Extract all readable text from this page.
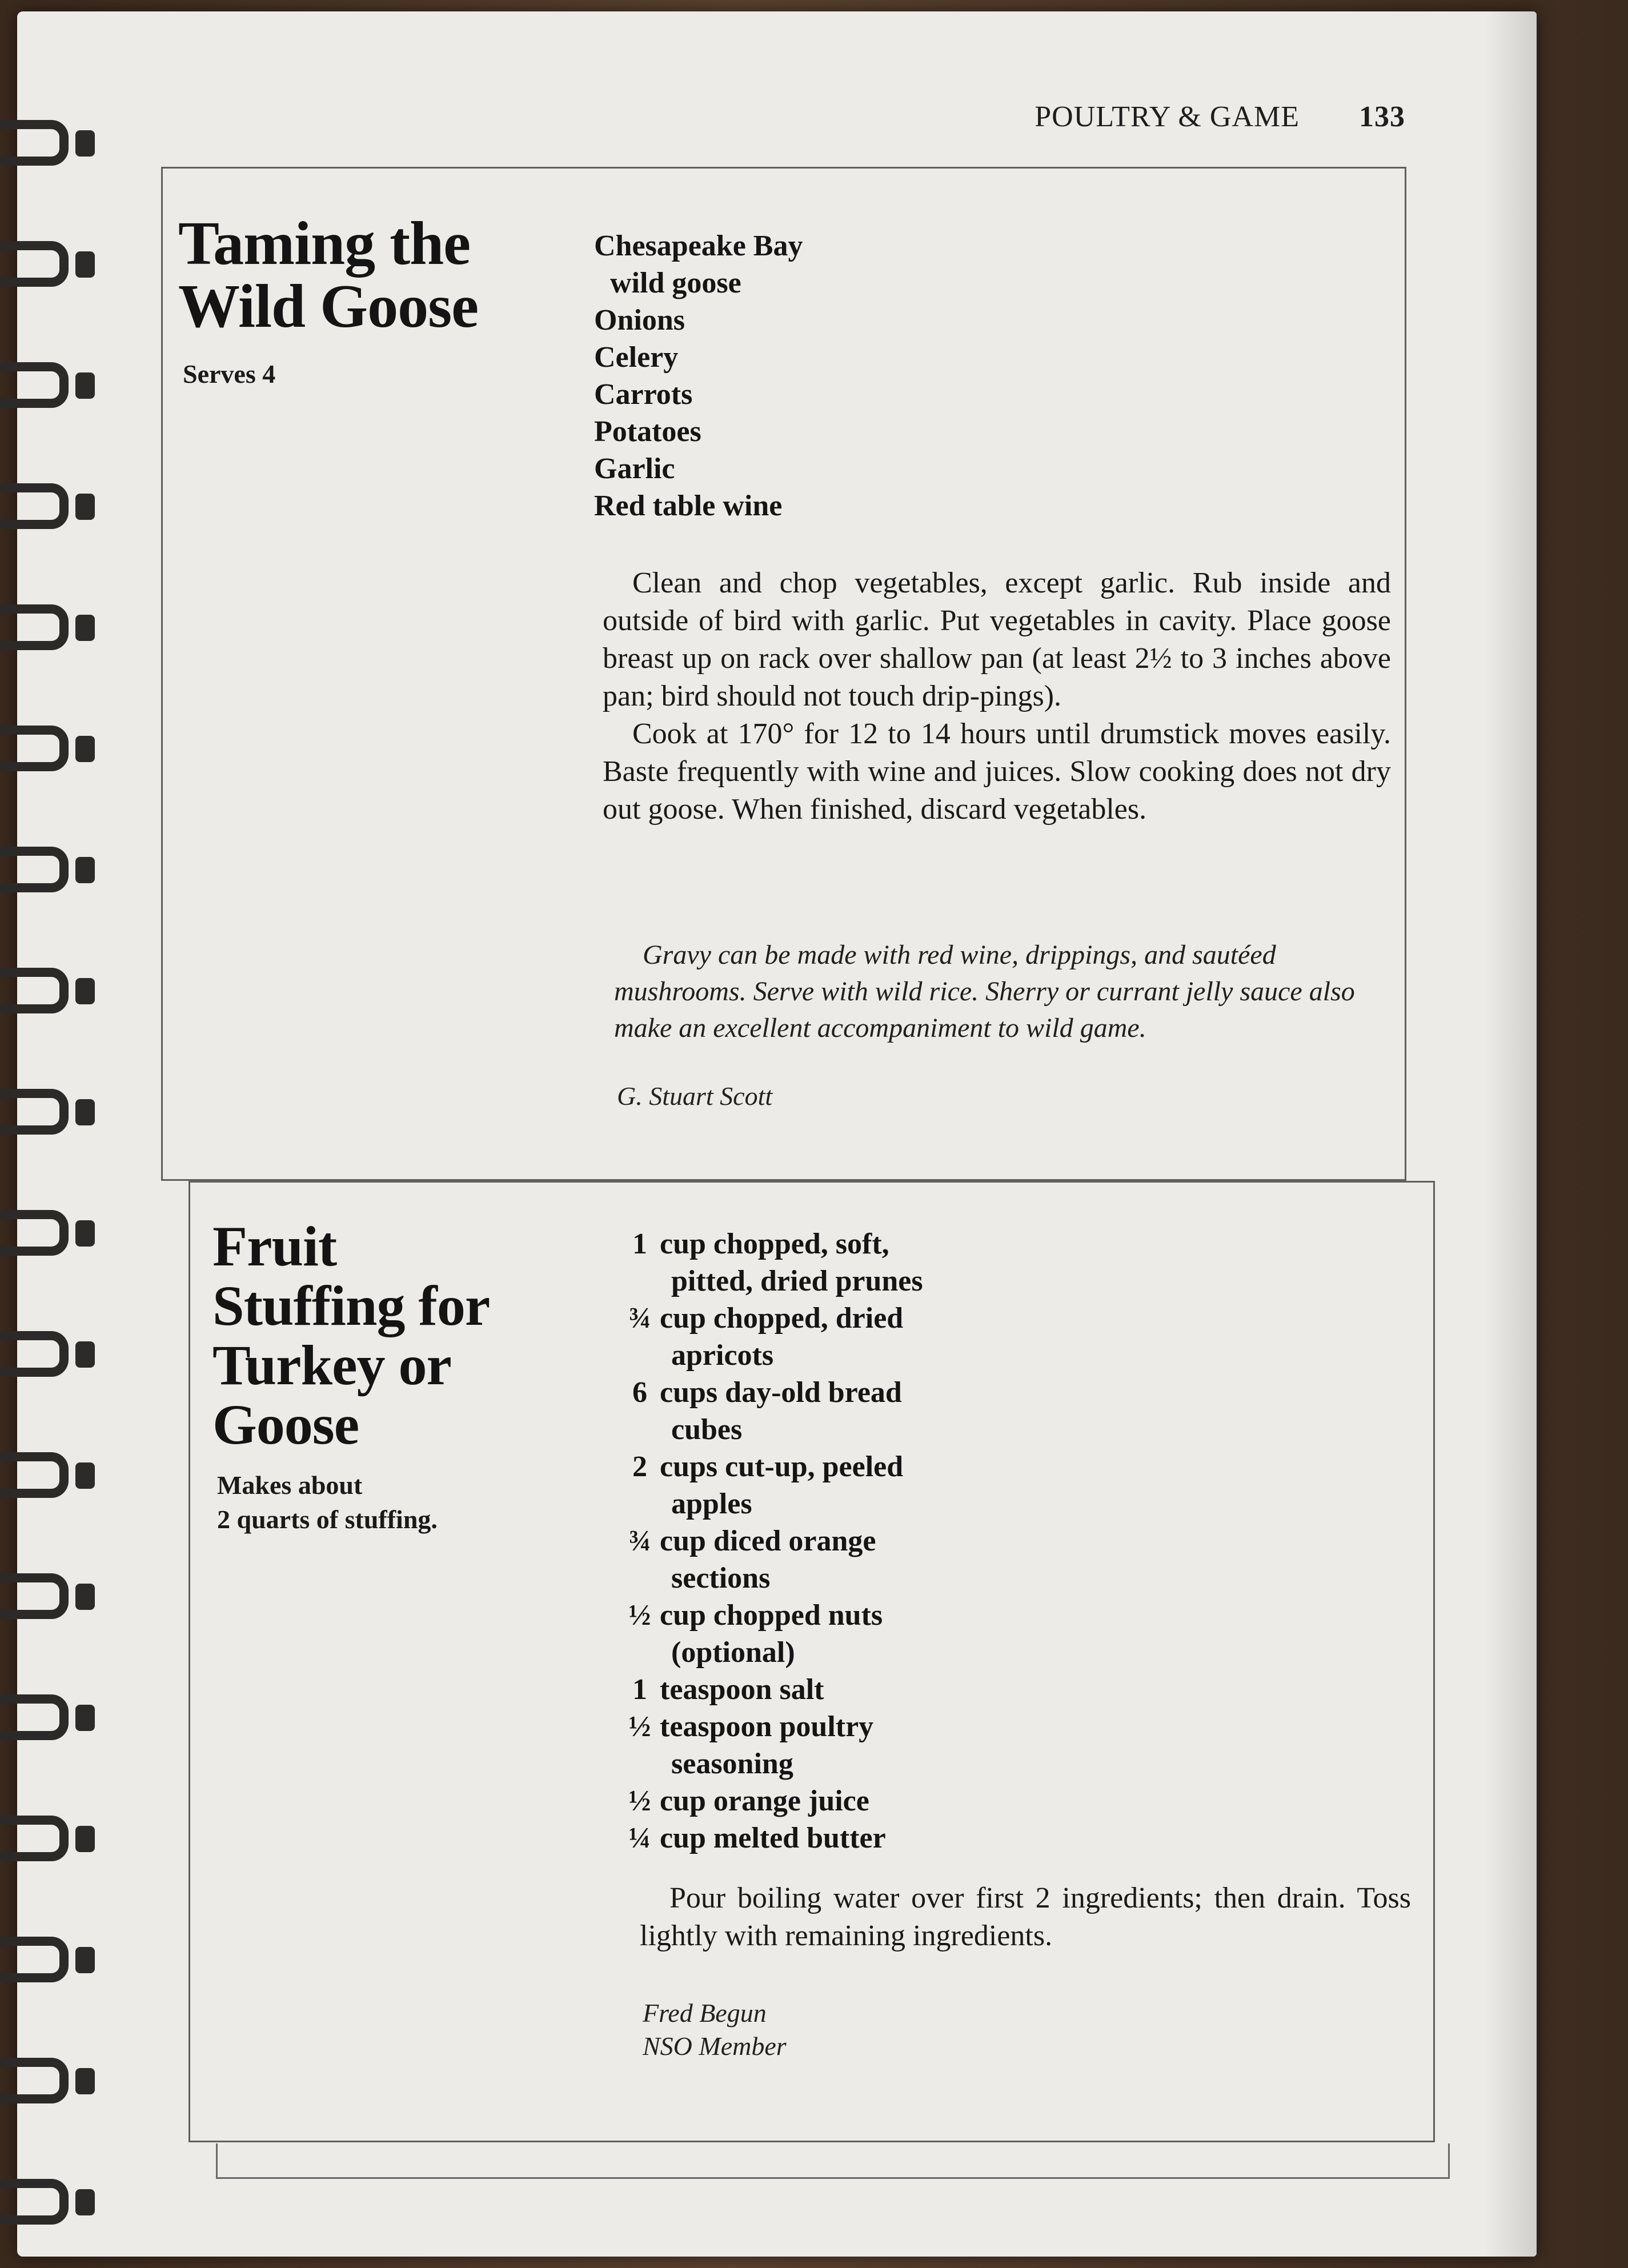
POULTRY & GAME 133
Taming the
Wild Goose
Serves 4
Chesapeake Bay
wild goose
Onions
Celery
Carrots
Potatoes
Garlic
Red table wine

Clean and chop vegetables, except garlic. Rub inside and outside of bird with garlic. Put vegetables in cavity. Place goose breast up on rack over shallow pan (at least 2½ to 3 inches above pan; bird should not touch drip-pings).

Cook at 170° for 12 to 14 hours until drumstick moves easily. Baste frequently with wine and juices. Slow cooking does not dry out goose. When finished, discard vegetables.

Gravy can be made with red wine, drippings, and sautéed mushrooms. Serve with wild rice. Sherry or currant jelly sauce also make an excellent accompaniment to wild game.

G. Stuart Scott
Fruit
Stuffing for
Turkey or
Goose
Makes about
2 quarts of stuffing.
1 cup chopped, soft,
pitted, dried prunes
¾ cup chopped, dried
apricots
6 cups day-old bread
cubes
2 cups cut-up, peeled
apples
¾ cup diced orange
sections
½ cup chopped nuts
(optional)
1 teaspoon salt
½ teaspoon poultry
seasoning
½ cup orange juice
¼ cup melted butter

Pour boiling water over first 2 ingredients; then drain. Toss lightly with remaining ingredients.

Fred Begun
NSO Member
